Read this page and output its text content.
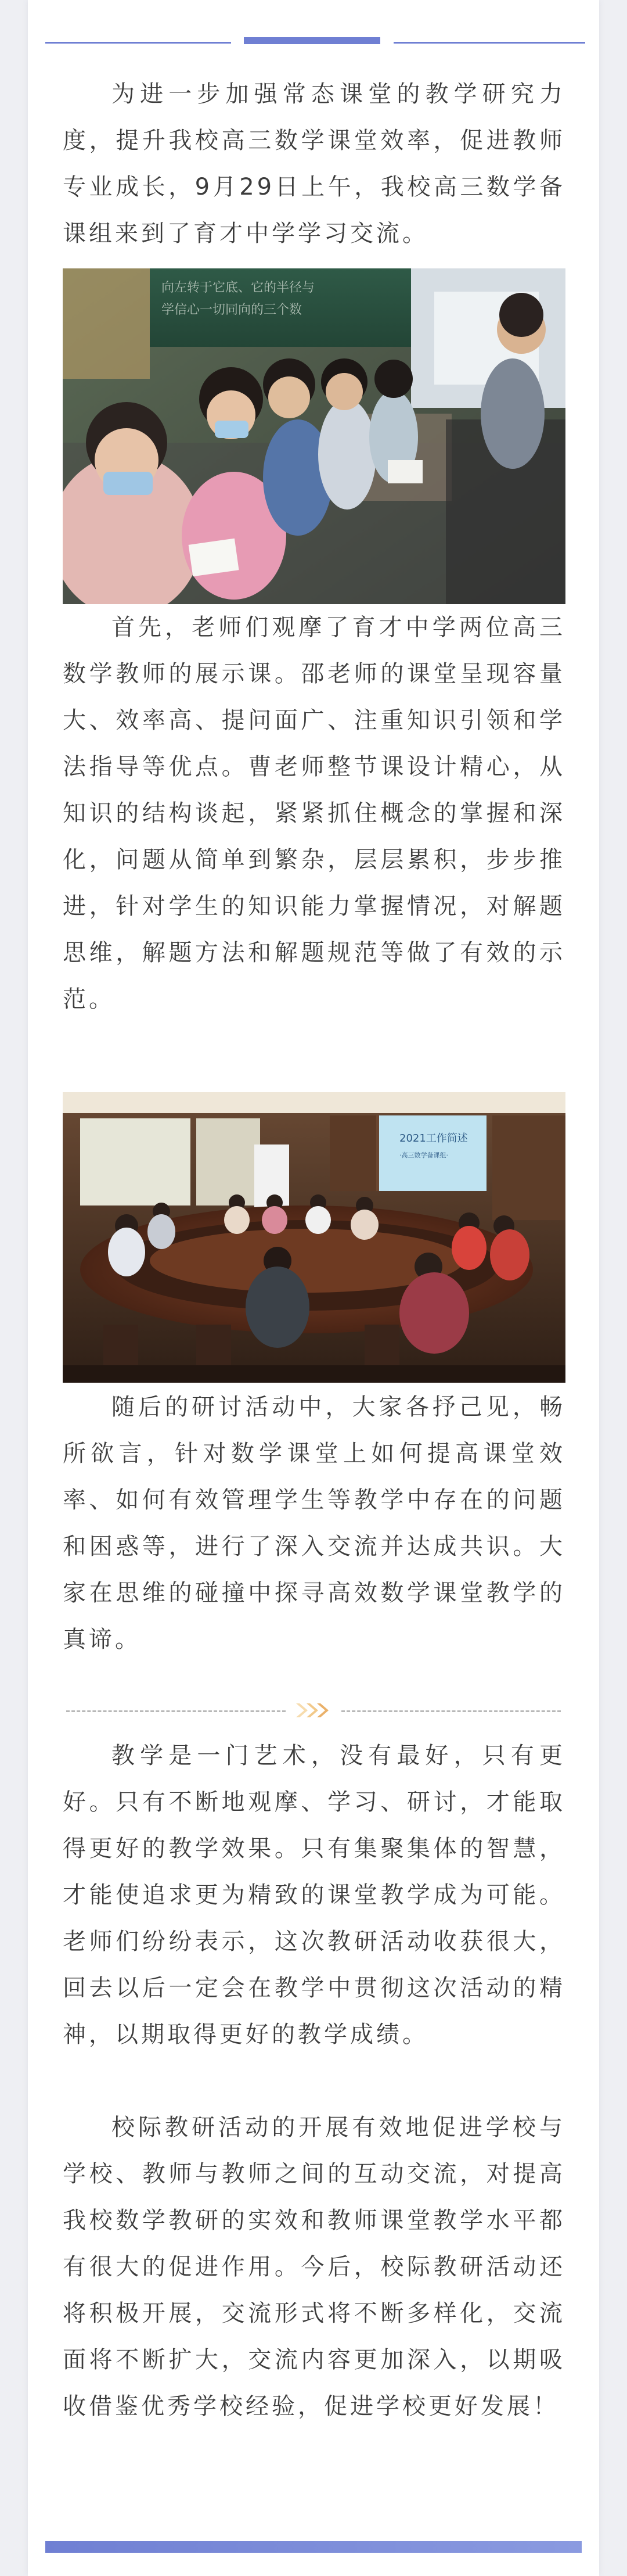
为进一步加强常态课堂的教学研究力度，提升我校高三数学课堂效率，促进教师专业成长，9月29日上午，我校高三数学备课组来到了育才中学学习交流。

向左转于它底、它的半径与
学信心一切同向的三个数

首先，老师们观摩了育才中学两位高三数学教师的展示课。邵老师的课堂呈现容量大、效率高、提问面广、注重知识引领和学法指导等优点。曹老师整节课设计精心，从知识的结构谈起，紧紧抓住概念的掌握和深化，问题从简单到繁杂，层层累积，步步推进，针对学生的知识能力掌握情况，对解题思维，解题方法和解题规范等做了有效的示范。

2021工作简述
·高三数学备课组·

随后的研讨活动中，大家各抒己见，畅所欲言，针对数学课堂上如何提高课堂效率、如何有效管理学生等教学中存在的问题和困惑等，进行了深入交流并达成共识。大家在思维的碰撞中探寻高效数学课堂教学的真谛。

教学是一门艺术，没有最好，只有更好。只有不断地观摩、学习、研讨，才能取得更好的教学效果。只有集聚集体的智慧，才能使追求更为精致的课堂教学成为可能。老师们纷纷表示，这次教研活动收获很大，回去以后一定会在教学中贯彻这次活动的精神，以期取得更好的教学成绩。

校际教研活动的开展有效地促进学校与学校、教师与教师之间的互动交流，对提高我校数学教研的实效和教师课堂教学水平都有很大的促进作用。今后，校际教研活动还将积极开展，交流形式将不断多样化，交流面将不断扩大，交流内容更加深入，以期吸收借鉴优秀学校经验，促进学校更好发展！
